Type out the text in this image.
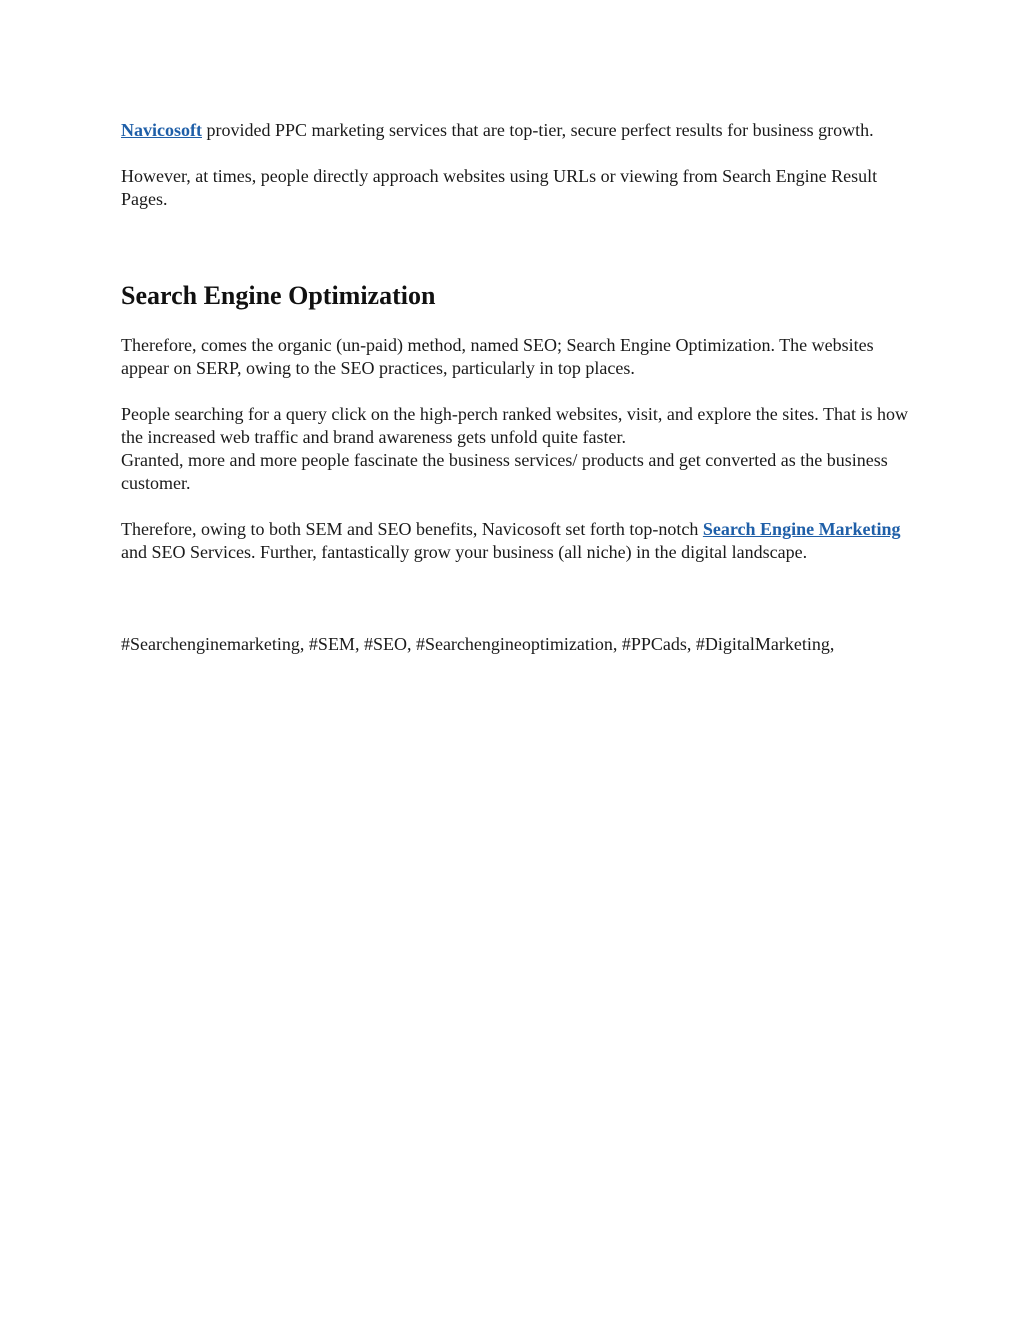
Navicosoft provided PPC marketing services that are top-tier, secure perfect results for business growth.

However, at times, people directly approach websites using URLs or viewing from Search Engine Result Pages.

Search Engine Optimization

Therefore, comes the organic (un-paid) method, named SEO; Search Engine Optimization. The websites appear on SERP, owing to the SEO practices, particularly in top places.

People searching for a query click on the high-perch ranked websites, visit, and explore the sites. That is how the increased web traffic and brand awareness gets unfold quite faster.
Granted, more and more people fascinate the business services/ products and get converted as the business customer.

Therefore, owing to both SEM and SEO benefits, Navicosoft set forth top-notch Search Engine Marketing and SEO Services. Further, fantastically grow your business (all niche) in the digital landscape.

#Searchenginemarketing, #SEM, #SEO, #Searchengineoptimization, #PPCads, #DigitalMarketing,
